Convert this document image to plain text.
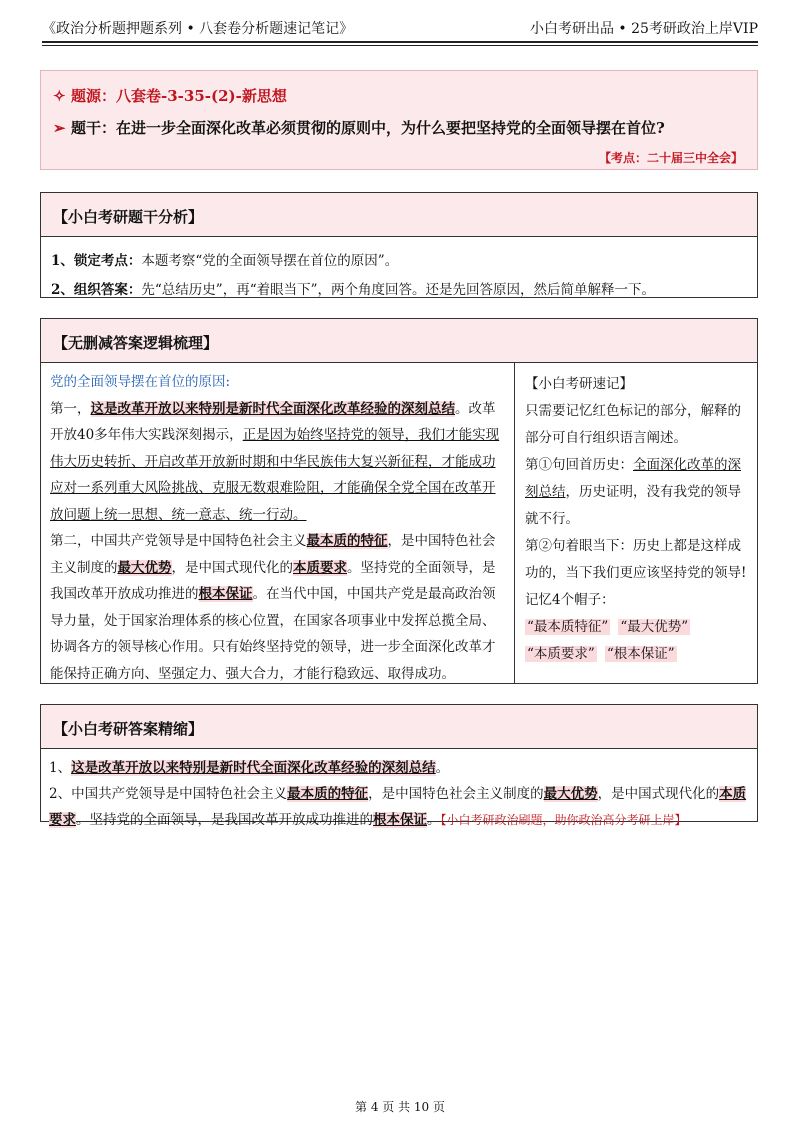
《政治分析题押题系列 • 八套卷分析题速记笔记》	小白考研出品 • 25考研政治上岸VIP
✧ 题源：八套卷-3-35-(2)-新思想
➢ 题干：在进一步全面深化改革必须贯彻的原则中，为什么要把坚持党的全面领导摆在首位?
【考点：二十届三中全会】
【小白考研题干分析】
1、锁定考点：本题考察“党的全面领导摆在首位的原因”。
2、组织答案：先“总结历史”，再“着眼当下”，两个角度回答。还是先回答原因，然后简单解释一下。
【无删减答案逻辑梳理】
党的全面领导摆在首位的原因:
第一，这是改革开放以来特别是新时代全面深化改革经验的深刻总结。改革开放40多年伟大实践深刻揭示，正是因为始终坚持党的领导，我们才能实现伟大历史转折、开启改革开放新时期和中华民族伟大复兴新征程，才能成功应对一系列重大风险挑战、克服无数艰难险阻，才能确保全党全国在改革开放问题上统一思想、统一意志、统一行动。
第二，中国共产党领导是中国特色社会主义最本质的特征，是中国特色社会主义制度的最大优势，是中国式现代化的本质要求。坚持党的全面领导，是我国改革开放成功推进的根本保证。在当代中国，中国共产党是最高政治领导力量，处于国家治理体系的核心位置，在国家各项事业中发挥总揽全局、协调各方的领导核心作用。只有始终坚持党的领导，进一步全面深化改革才能保持正确方向、坚强定力、强大合力，才能行稳致远、取得成功。
【小白考研速记】
只需要记忆红色标记的部分，解释的部分可自行组织语言阐述。
第①句回首历史：全面深化改革的深刻总结，历史证明，没有我党的领导就不行。
第②句着眼当下：历史上都是这样成功的，当下我们更应该坚持党的领导!
记忆4个帽子：
“最本质特征” “最大优势”
“本质要求” “根本保证”
【小白考研答案精缩】
1、这是改革开放以来特别是新时代全面深化改革经验的深刻总结。
2、中国共产党领导是中国特色社会主义最本质的特征，是中国特色社会主义制度的最大优势，是中国式现代化的本质要求。坚持党的全面领导，是我国改革开放成功推进的根本保证。【小白考研政治刷题，助你政治高分考研上岸】
第 4 页 共 10 页
